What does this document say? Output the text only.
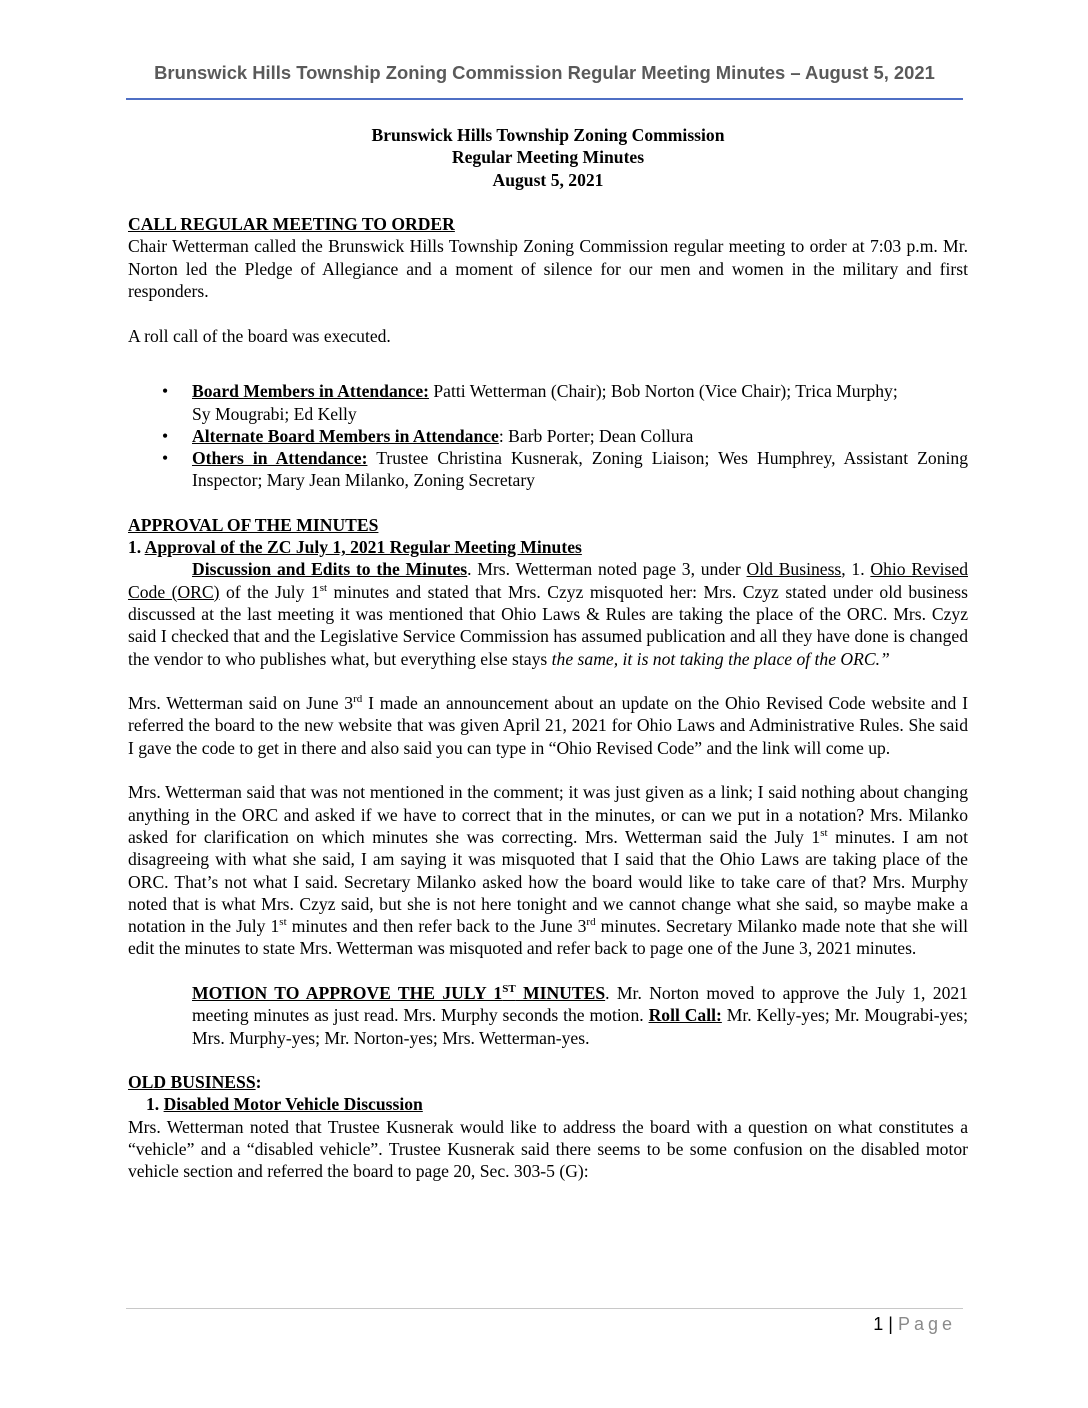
Brunswick Hills Township Zoning Commission Regular Meeting Minutes – August 5, 2021
Brunswick Hills Township Zoning Commission
Regular Meeting Minutes
August 5, 2021
CALL REGULAR MEETING TO ORDER

Chair Wetterman called the Brunswick Hills Township Zoning Commission regular meeting to order at 7:03 p.m. Mr. Norton led the Pledge of Allegiance and a moment of silence for our men and women in the military and first responders.

A roll call of the board was executed.

• Board Members in Attendance: Patti Wetterman (Chair); Bob Norton (Vice Chair); Trica Murphy;
Sy Mougrabi; Ed Kelly
• Alternate Board Members in Attendance: Barb Porter; Dean Collura
• Others in Attendance: Trustee Christina Kusnerak, Zoning Liaison; Wes Humphrey, Assistant Zoning Inspector; Mary Jean Milanko, Zoning Secretary
APPROVAL OF THE MINUTES
1. Approval of the ZC July 1, 2021 Regular Meeting Minutes

Discussion and Edits to the Minutes. Mrs. Wetterman noted page 3, under Old Business, 1. Ohio Revised Code (ORC) of the July 1st minutes and stated that Mrs. Czyz misquoted her: Mrs. Czyz stated under old business discussed at the last meeting it was mentioned that Ohio Laws & Rules are taking the place of the ORC. Mrs. Czyz said I checked that and the Legislative Service Commission has assumed publication and all they have done is changed the vendor to who publishes what, but everything else stays the same, it is not taking the place of the ORC.”

Mrs. Wetterman said on June 3rd I made an announcement about an update on the Ohio Revised Code website and I referred the board to the new website that was given April 21, 2021 for Ohio Laws and Administrative Rules. She said I gave the code to get in there and also said you can type in “Ohio Revised Code” and the link will come up.

Mrs. Wetterman said that was not mentioned in the comment; it was just given as a link; I said nothing about changing anything in the ORC and asked if we have to correct that in the minutes, or can we put in a notation? Mrs. Milanko asked for clarification on which minutes she was correcting. Mrs. Wetterman said the July 1st minutes. I am not disagreeing with what she said, I am saying it was misquoted that I said that the Ohio Laws are taking place of the ORC. That’s not what I said. Secretary Milanko asked how the board would like to take care of that? Mrs. Murphy noted that is what Mrs. Czyz said, but she is not here tonight and we cannot change what she said, so maybe make a notation in the July 1st minutes and then refer back to the June 3rd minutes. Secretary Milanko made note that she will edit the minutes to state Mrs. Wetterman was misquoted and refer back to page one of the June 3, 2021 minutes.

MOTION TO APPROVE THE JULY 1ST MINUTES. Mr. Norton moved to approve the July 1, 2021 meeting minutes as just read. Mrs. Murphy seconds the motion. Roll Call: Mr. Kelly-yes; Mr. Mougrabi-yes; Mrs. Murphy-yes; Mr. Norton-yes; Mrs. Wetterman-yes.

OLD BUSINESS:
1. Disabled Motor Vehicle Discussion

Mrs. Wetterman noted that Trustee Kusnerak would like to address the board with a question on what constitutes a “vehicle” and a “disabled vehicle”. Trustee Kusnerak said there seems to be some confusion on the disabled motor vehicle section and referred the board to page 20, Sec. 303-5 (G):

1 | Page
